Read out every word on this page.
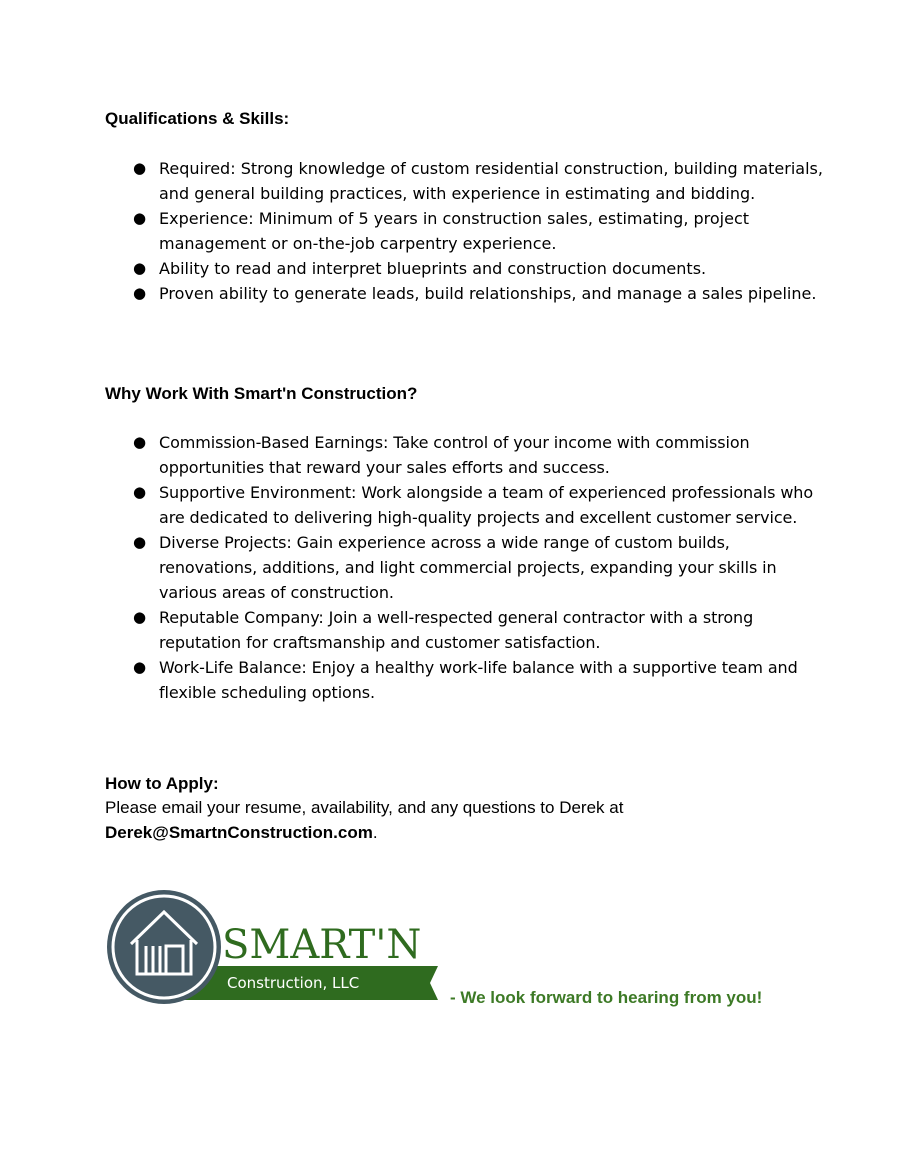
Qualifications & Skills:
● Required: Strong knowledge of custom residential construction, building materials, and general building practices, with experience in estimating and bidding.
● Experience: Minimum of 5 years in construction sales, estimating, project management or on-the-job carpentry experience.
● Ability to read and interpret blueprints and construction documents.
● Proven ability to generate leads, build relationships, and manage a sales pipeline.
Why Work With Smart'n Construction?
● Commission-Based Earnings: Take control of your income with commission opportunities that reward your sales efforts and success.
● Supportive Environment: Work alongside a team of experienced professionals who are dedicated to delivering high-quality projects and excellent customer service.
● Diverse Projects: Gain experience across a wide range of custom builds, renovations, additions, and light commercial projects, expanding your skills in various areas of construction.
● Reputable Company: Join a well-respected general contractor with a strong reputation for craftsmanship and customer satisfaction.
● Work-Life Balance: Enjoy a healthy work-life balance with a supportive team and flexible scheduling options.
How to Apply:

Please email your resume, availability, and any questions to Derek at
Derek@SmartnConstruction.com.

SMART'N
Construction, LLC
- We look forward to hearing from you!
